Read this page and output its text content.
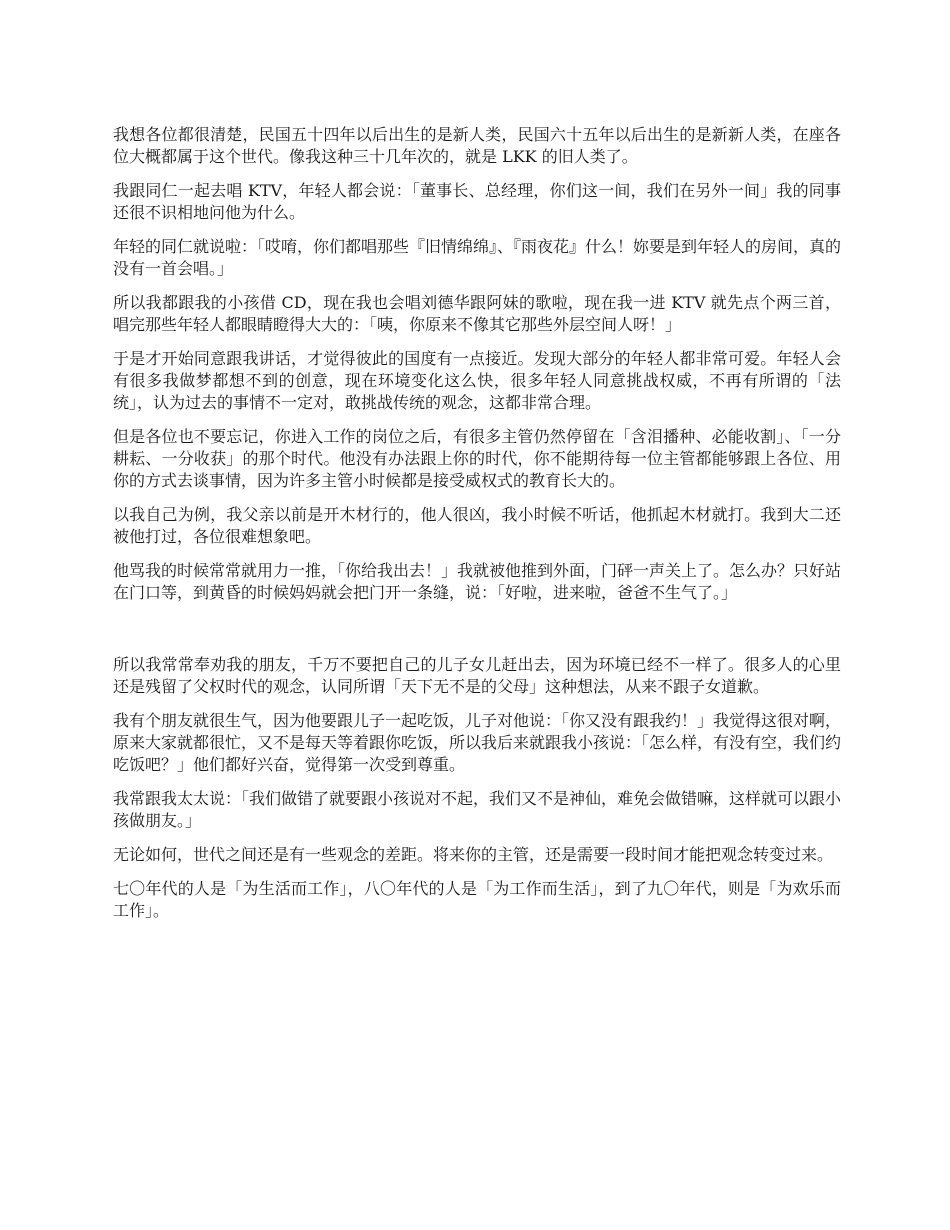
我想各位都很清楚，民国五十四年以后出生的是新人类，民国六十五年以后出生的是新新人类，在座各位大概都属于这个世代。像我这种三十几年次的，就是 LKK 的旧人类了。

我跟同仁一起去唱 KTV，年轻人都会说：「董事长、总经理，你们这一间，我们在另外一间」我的同事还很不识相地问他为什么。

年轻的同仁就说啦：「哎唷，你们都唱那些『旧情绵绵』、『雨夜花』什么！妳要是到年轻人的房间，真的没有一首会唱。」

所以我都跟我的小孩借 CD，现在我也会唱刘德华跟阿妹的歌啦，现在我一进 KTV 就先点个两三首，唱完那些年轻人都眼睛瞪得大大的：「咦，你原来不像其它那些外层空间人呀！」

于是才开始同意跟我讲话，才觉得彼此的国度有一点接近。发现大部分的年轻人都非常可爱。年轻人会有很多我做梦都想不到的创意，现在环境变化这么快，很多年轻人同意挑战权威，不再有所谓的「法统」，认为过去的事情不一定对，敢挑战传统的观念，这都非常合理。

但是各位也不要忘记，你进入工作的岗位之后，有很多主管仍然停留在「含泪播种、必能收割」、「一分耕耘、一分收获」的那个时代。他没有办法跟上你的时代，你不能期待每一位主管都能够跟上各位、用你的方式去谈事情，因为许多主管小时候都是接受威权式的教育长大的。

以我自己为例，我父亲以前是开木材行的，他人很凶，我小时候不听话，他抓起木材就打。我到大二还被他打过，各位很难想象吧。

他骂我的时候常常就用力一推，「你给我出去！」我就被他推到外面，门砰一声关上了。怎么办？只好站在门口等，到黄昏的时候妈妈就会把门开一条缝，说：「好啦，进来啦，爸爸不生气了。」

所以我常常奉劝我的朋友，千万不要把自己的儿子女儿赶出去，因为环境已经不一样了。很多人的心里还是残留了父权时代的观念，认同所谓「天下无不是的父母」这种想法，从来不跟子女道歉。

我有个朋友就很生气，因为他要跟儿子一起吃饭，儿子对他说：「你又没有跟我约！」我觉得这很对啊，原来大家就都很忙，又不是每天等着跟你吃饭，所以我后来就跟我小孩说：「怎么样，有没有空，我们约吃饭吧？」他们都好兴奋，觉得第一次受到尊重。

我常跟我太太说：「我们做错了就要跟小孩说对不起，我们又不是神仙，难免会做错嘛，这样就可以跟小孩做朋友。」

无论如何，世代之间还是有一些观念的差距。将来你的主管，还是需要一段时间才能把观念转变过来。

七〇年代的人是「为生活而工作」，八〇年代的人是「为工作而生活」，到了九〇年代，则是「为欢乐而工作」。
